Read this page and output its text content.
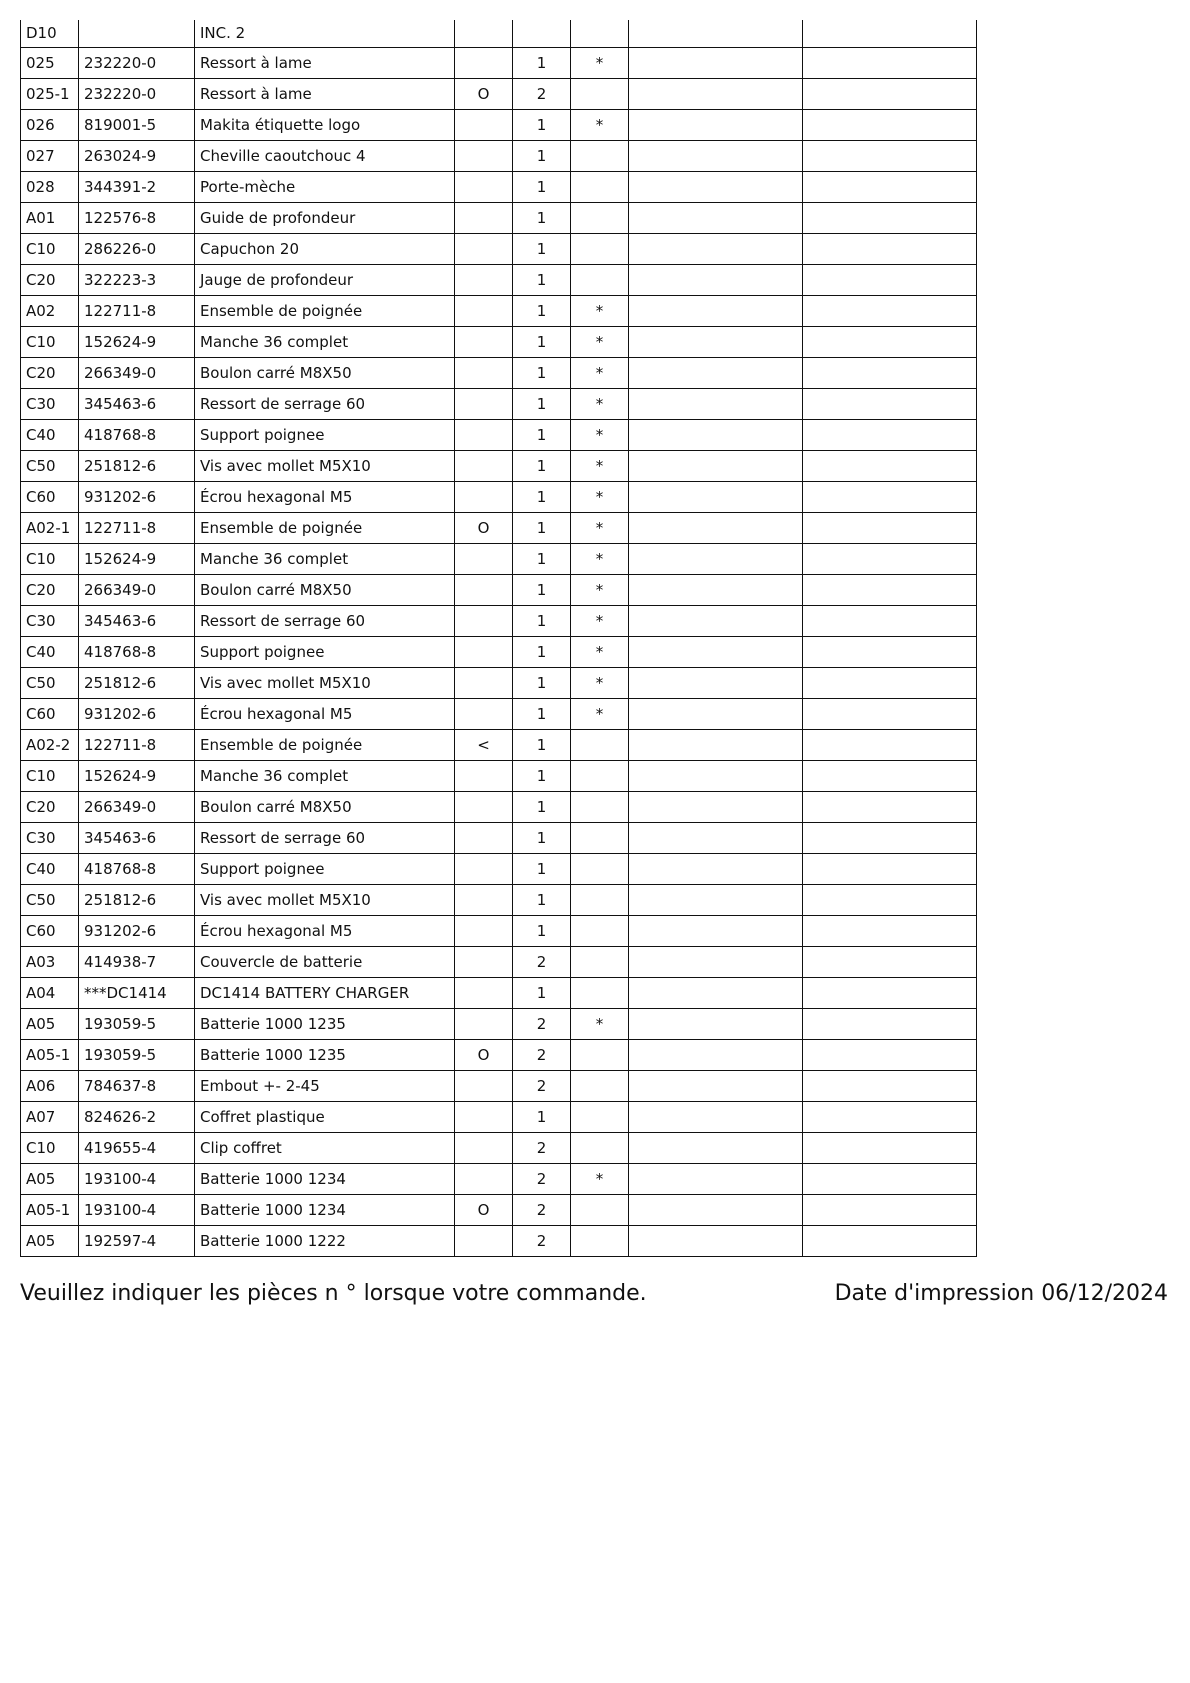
D10		INC. 2					
025	232220-0	Ressort à lame		1	*		
025-1	232220-0	Ressort à lame	O	2			
026	819001-5	Makita étiquette logo		1	*		
027	263024-9	Cheville caoutchouc 4		1			
028	344391-2	Porte-mèche		1			
A01	122576-8	Guide de profondeur		1			
C10	286226-0	Capuchon 20		1			
C20	322223-3	Jauge de profondeur		1			
A02	122711-8	Ensemble de poignée		1	*		
C10	152624-9	Manche 36 complet		1	*		
C20	266349-0	Boulon carré M8X50		1	*		
C30	345463-6	Ressort de serrage 60		1	*		
C40	418768-8	Support poignee		1	*		
C50	251812-6	Vis avec mollet M5X10		1	*		
C60	931202-6	Écrou hexagonal M5		1	*		
A02-1	122711-8	Ensemble de poignée	O	1	*		
C10	152624-9	Manche 36 complet		1	*		
C20	266349-0	Boulon carré M8X50		1	*		
C30	345463-6	Ressort de serrage 60		1	*		
C40	418768-8	Support poignee		1	*		
C50	251812-6	Vis avec mollet M5X10		1	*		
C60	931202-6	Écrou hexagonal M5		1	*		
A02-2	122711-8	Ensemble de poignée	<	1			
C10	152624-9	Manche 36 complet		1			
C20	266349-0	Boulon carré M8X50		1			
C30	345463-6	Ressort de serrage 60		1			
C40	418768-8	Support poignee		1			
C50	251812-6	Vis avec mollet M5X10		1			
C60	931202-6	Écrou hexagonal M5		1			
A03	414938-7	Couvercle de batterie		2			
A04	***DC1414	DC1414 BATTERY CHARGER		1			
A05	193059-5	Batterie 1000 1235		2	*		
A05-1	193059-5	Batterie 1000 1235	O	2			
A06	784637-8	Embout +- 2-45		2			
A07	824626-2	Coffret plastique		1			
C10	419655-4	Clip coffret		2			
A05	193100-4	Batterie 1000 1234		2	*		
A05-1	193100-4	Batterie 1000 1234	O	2			
A05	192597-4	Batterie 1000 1222		2			
Veuillez indiquer les pièces n ° lorsque votre commande.	Date d'impression 06/12/2024
